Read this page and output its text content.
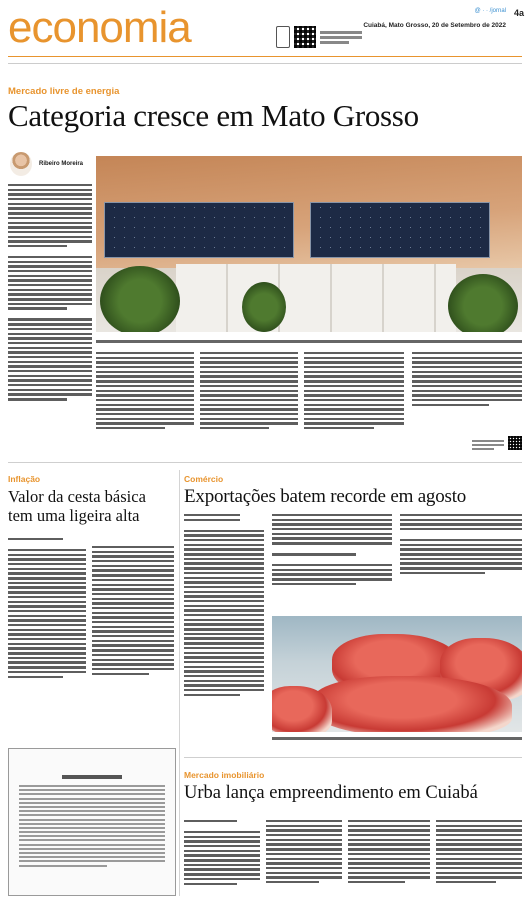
economia	@ · · /jornal
Cuiabá, Mato Grosso, 20 de Setembro de 2022
4a
Mercado livre de energia
Categoria cresce em Mato Grosso
Ribeiro Moreira
Inflação
Valor da cesta básica tem uma ligeira alta
Comércio
Exportações batem recorde em agosto
Mercado imobiliário
Urba lança empreendimento em Cuiabá
